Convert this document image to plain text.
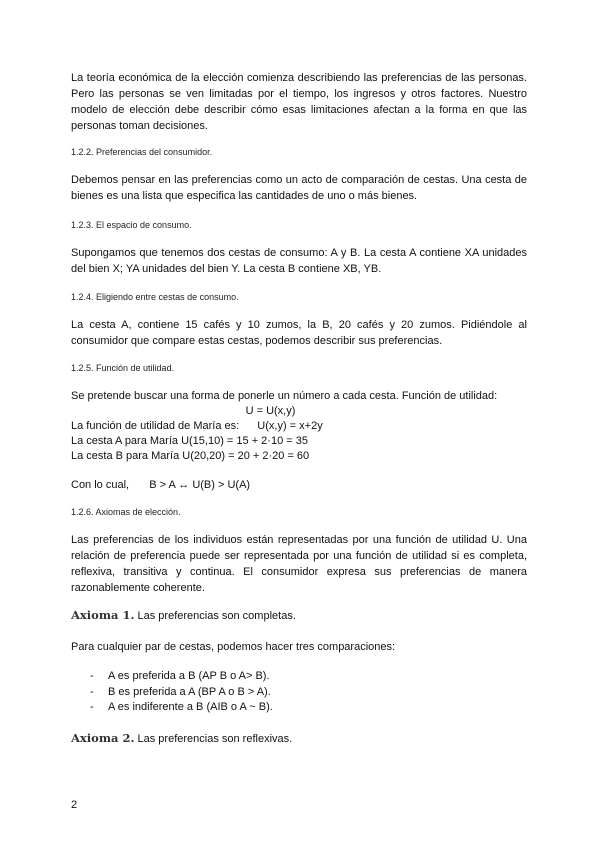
La teoría económica de la elección comienza describiendo las preferencias de las personas. Pero las personas se ven limitadas por el tiempo, los ingresos y otros factores. Nuestro modelo de elección debe describir cómo esas limitaciones afectan a la forma en que las personas toman decisiones.

1.2.2. Preferencias del consumidor.

Debemos pensar en las preferencias como un acto de comparación de cestas. Una cesta de bienes es una lista que especifica las cantidades de uno o más bienes.

1.2.3. El espacio de consumo.

Supongamos que tenemos dos cestas de consumo: A y B. La cesta A contiene XA unidades del bien X; YA unidades del bien Y. La cesta B contiene XB, YB.

1.2.4. Eligiendo entre cestas de consumo.

La cesta A, contiene 15 cafés y 10 zumos, la B, 20 cafés y 20 zumos. Pidiéndole al consumidor que compare estas cestas, podemos describir sus preferencias.

1.2.5. Función de utilidad.

Se pretende buscar una forma de ponerle un número a cada cesta. Función de utilidad:

U = U(x,y)

La función de utilidad de María es: U(x,y) = x+2y

La cesta A para María U(15,10) = 15 + 2·10 = 35

La cesta B para María U(20,20) = 20 + 2·20 = 60

Con lo cual, B > A ↔ U(B) > U(A)

1.2.6. Axiomas de elección.

Las preferencias de los individuos están representadas por una función de utilidad U. Una relación de preferencia puede ser representada por una función de utilidad si es completa, reflexiva, transitiva y continua. El consumidor expresa sus preferencias de manera razonablemente coherente.

Axioma 1. Las preferencias son completas.

Para cualquier par de cestas, podemos hacer tres comparaciones:

- A es preferida a B (AP B o A> B).

- B es preferida a A (BP A o B > A).

- A es indiferente a B (AIB o A ~ B).

Axioma 2. Las preferencias son reflexivas.

2
